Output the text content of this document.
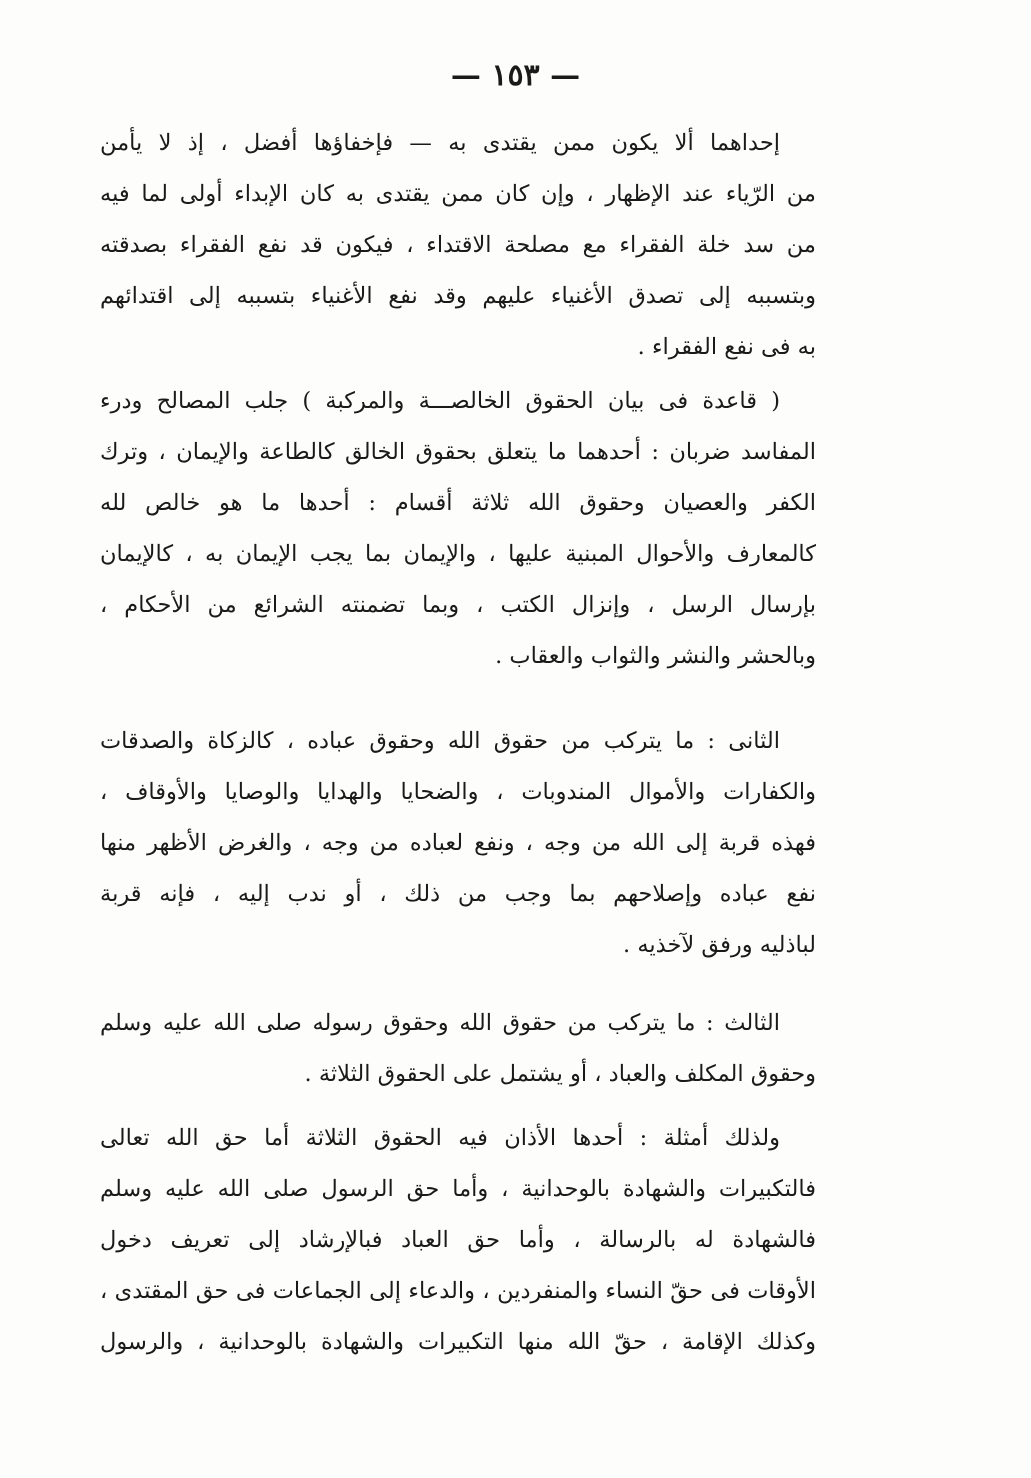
— ١٥٣ —
إحداهما ألا يكون ممن يقتدى به — فإخفاؤها أفضل ، إذ لا يأمن
من الرّياء عند الإظهار ، وإن كان ممن يقتدى به كان الإبداء أولى لما فيه
من سد خلة الفقراء مع مصلحة الاقتداء ، فيكون قد نفع الفقراء بصدقته
وبتسببه إلى تصدق الأغنياء عليهم وقد نفع الأغنياء بتسببه إلى اقتدائهم
به فى نفع الفقراء .
( قاعدة فى بيان الحقوق الخالصـــة والمركبة ) جلب المصالح ودرء
المفاسد ضربان : أحدهما ما يتعلق بحقوق الخالق كالطاعة والإيمان ، وترك
الكفر والعصيان وحقوق الله ثلاثة أقسام : أحدها ما هو خالص لله
كالمعارف والأحوال المبنية عليها ، والإيمان بما يجب الإيمان به ، كالإيمان
بإرسال الرسل ، وإنزال الكتب ، وبما تضمنته الشرائع من الأحكام ،
وبالحشر والنشر والثواب والعقاب .
الثانى : ما يتركب من حقوق الله وحقوق عباده ، كالزكاة والصدقات
والكفارات والأموال المندوبات ، والضحايا والهدايا والوصايا والأوقاف ،
فهذه قربة إلى الله من وجه ، ونفع لعباده من وجه ، والغرض الأظهر منها
نفع عباده وإصلاحهم بما وجب من ذلك ، أو ندب إليه ، فإنه قربة
لباذليه ورفق لآخذيه .
الثالث : ما يتركب من حقوق الله وحقوق رسوله صلى الله عليه وسلم
وحقوق المكلف والعباد ، أو يشتمل على الحقوق الثلاثة .
ولذلك أمثلة : أحدها الأذان فيه الحقوق الثلاثة أما حق الله تعالى
فالتكبيرات والشهادة بالوحدانية ، وأما حق الرسول صلى الله عليه وسلم
فالشهادة له بالرسالة ، وأما حق العباد فبالإرشاد إلى تعريف دخول
الأوقات فى حقّ النساء والمنفردين ، والدعاء إلى الجماعات فى حق المقتدى ،
وكذلك الإقامة ، حقّ الله منها التكبيرات والشهادة بالوحدانية ، والرسول
